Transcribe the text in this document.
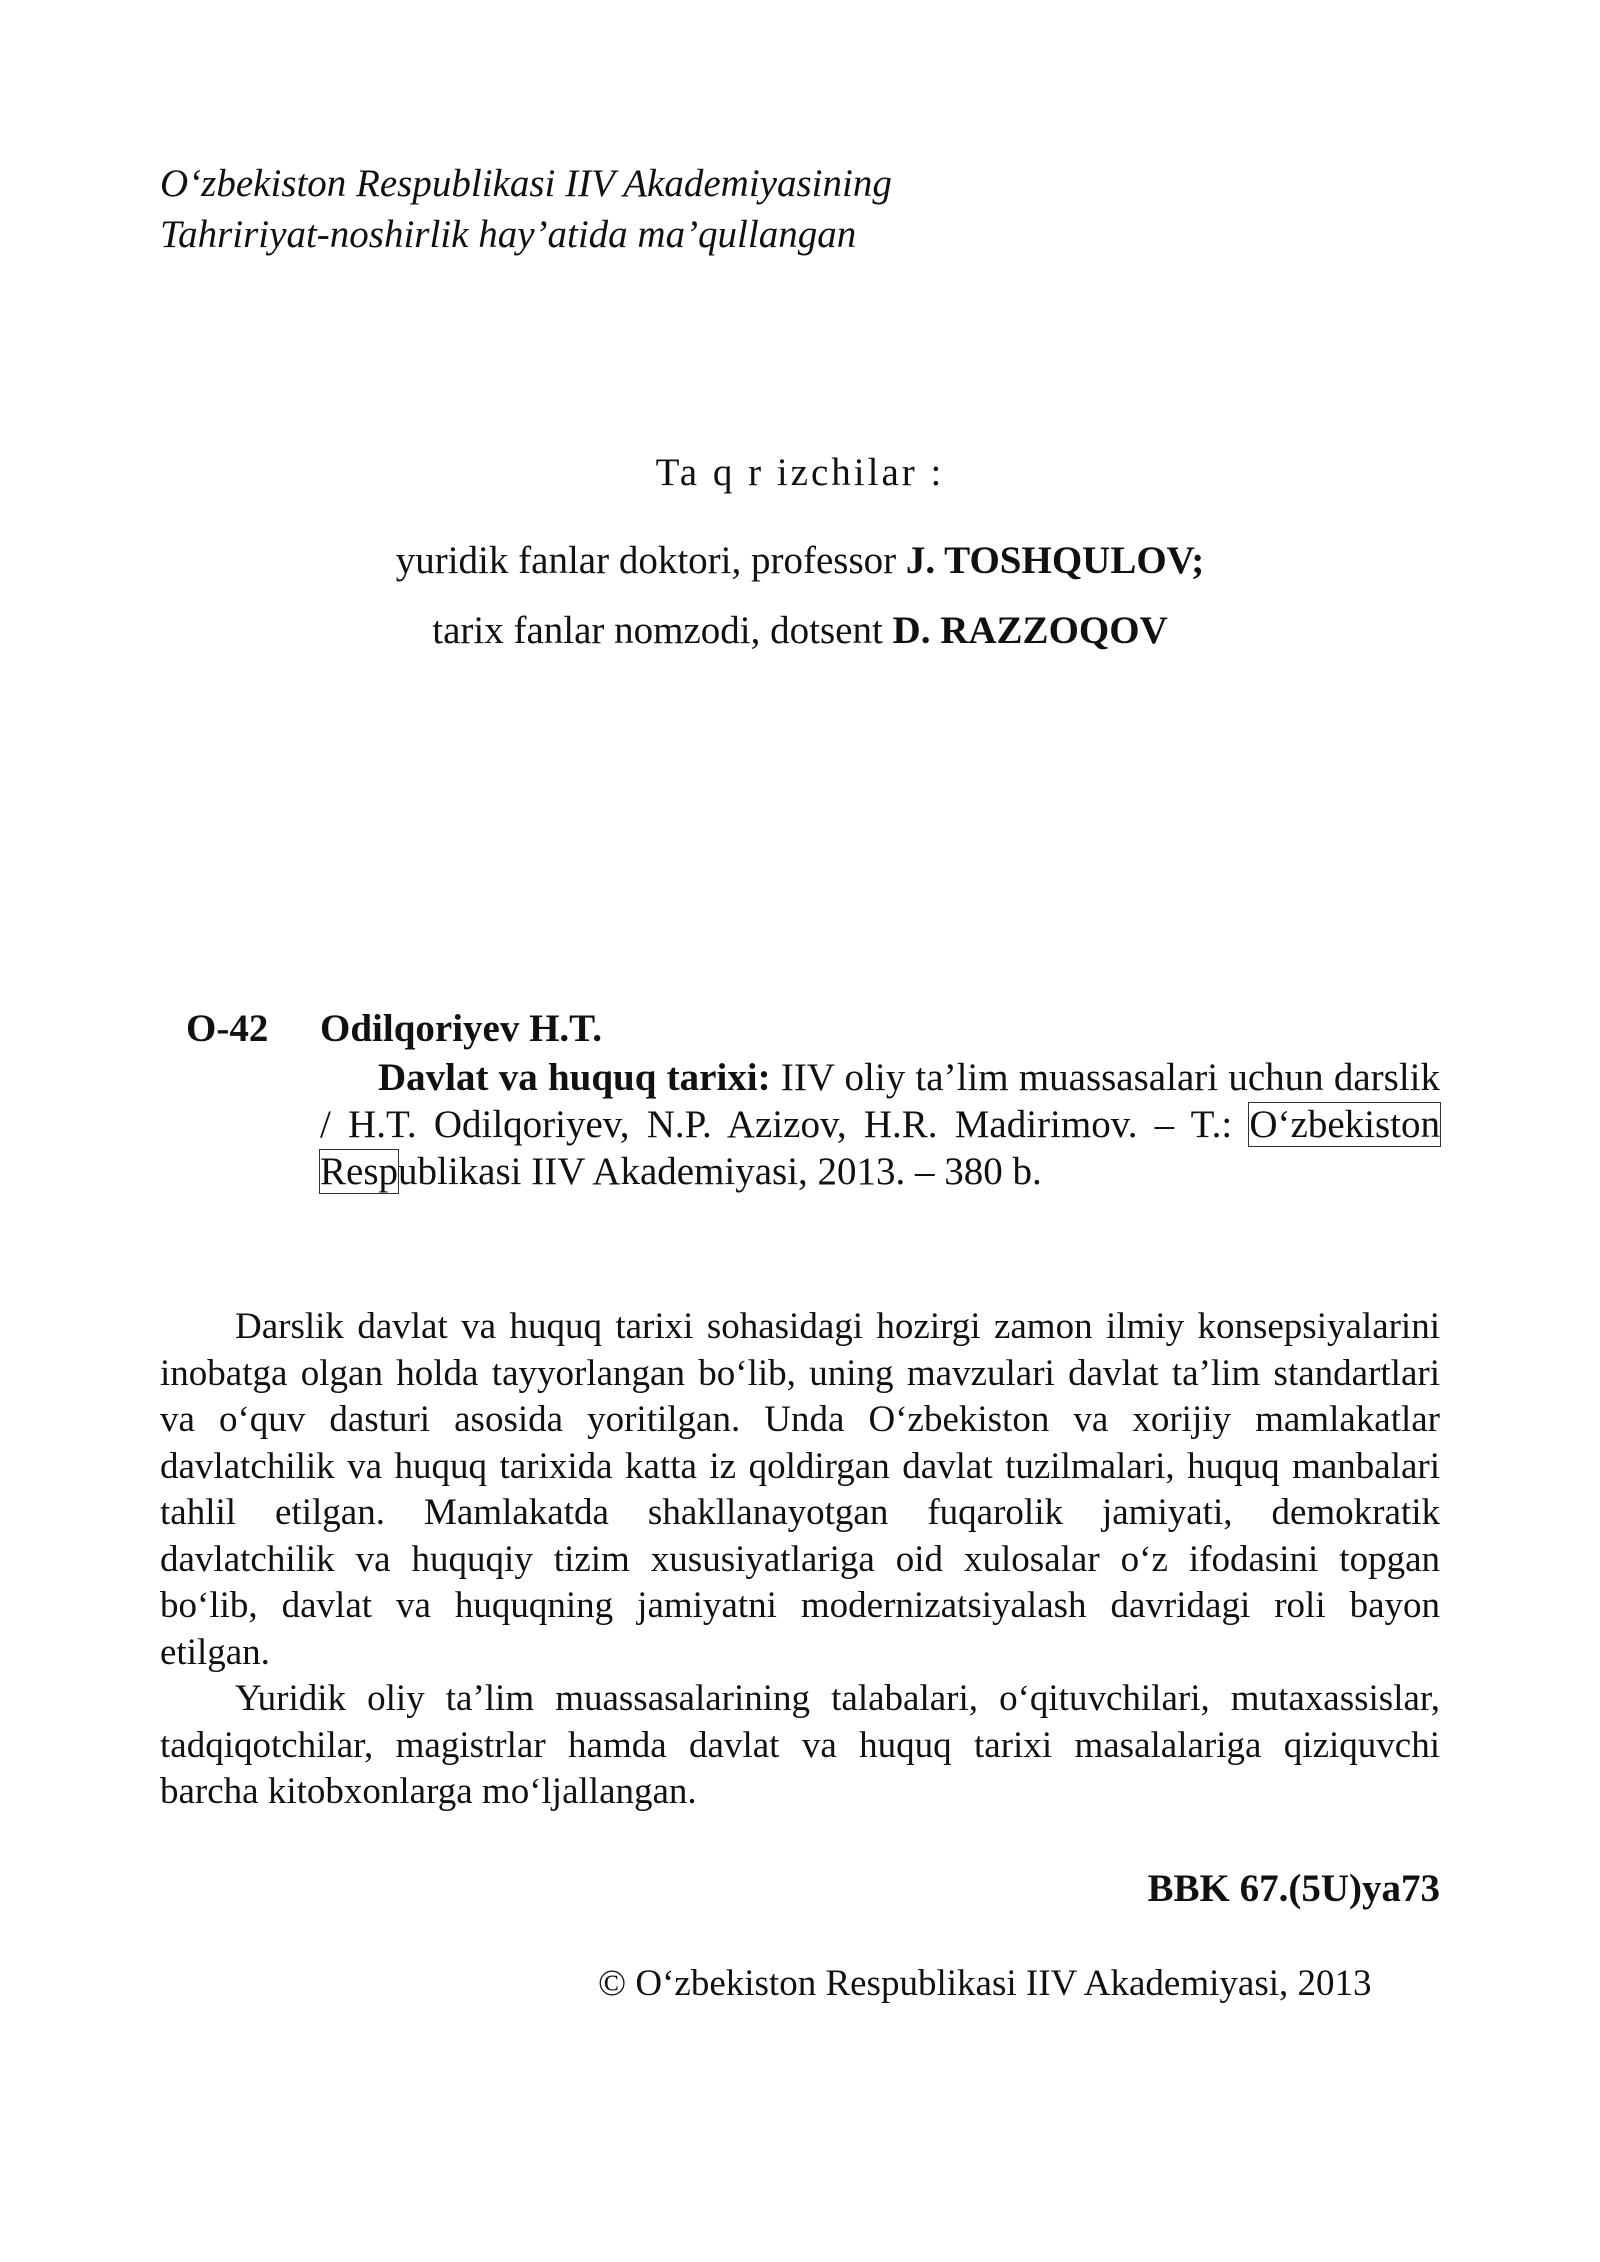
O‘zbekiston Respublikasi IIV Akademiyasining
Tahririyat-noshirlik hay’atida ma’qullangan
Ta q r izchilar :
yuridik fanlar doktori, professor J. TOSHQULOV;
tarix fanlar nomzodi, dotsent D. RAZZOQOV
O-42 Odilqoriyev H.T.
Davlat va huquq tarixi: IIV oliy ta’lim muassasalari uchun darslik / H.T. Odilqoriyev, N.P. Azizov, H.R. Madirimov. – T.: O‘zbekiston Respublikasi IIV Akademiyasi, 2013. – 380 b.

Darslik davlat va huquq tarixi sohasidagi hozirgi zamon ilmiy konsepsiyalarini inobatga olgan holda tayyorlangan bo‘lib, uning mavzulari davlat ta’lim standartlari va o‘quv dasturi asosida yoritilgan. Unda O‘zbekiston va xorijiy mamlakatlar davlatchilik va huquq tarixida katta iz qoldirgan davlat tuzilmalari, huquq manbalari tahlil etilgan. Mamlakatda shakllanayotgan fuqarolik jamiyati, demokratik davlatchilik va huquqiy tizim xususiyatlariga oid xulosalar o‘z ifodasini topgan bo‘lib, davlat va huquqning jamiyatni modernizatsiyalash davridagi roli bayon etilgan.

Yuridik oliy ta’lim muassasalarining talabalari, o‘qituvchilari, mutaxassislar, tadqiqotchilar, magistrlar hamda davlat va huquq tarixi masalalariga qiziquvchi barcha kitobxonlarga mo‘ljallangan.

BBK 67.(5U)ya73
© O‘zbekiston Respublikasi IIV Akademiyasi, 2013
